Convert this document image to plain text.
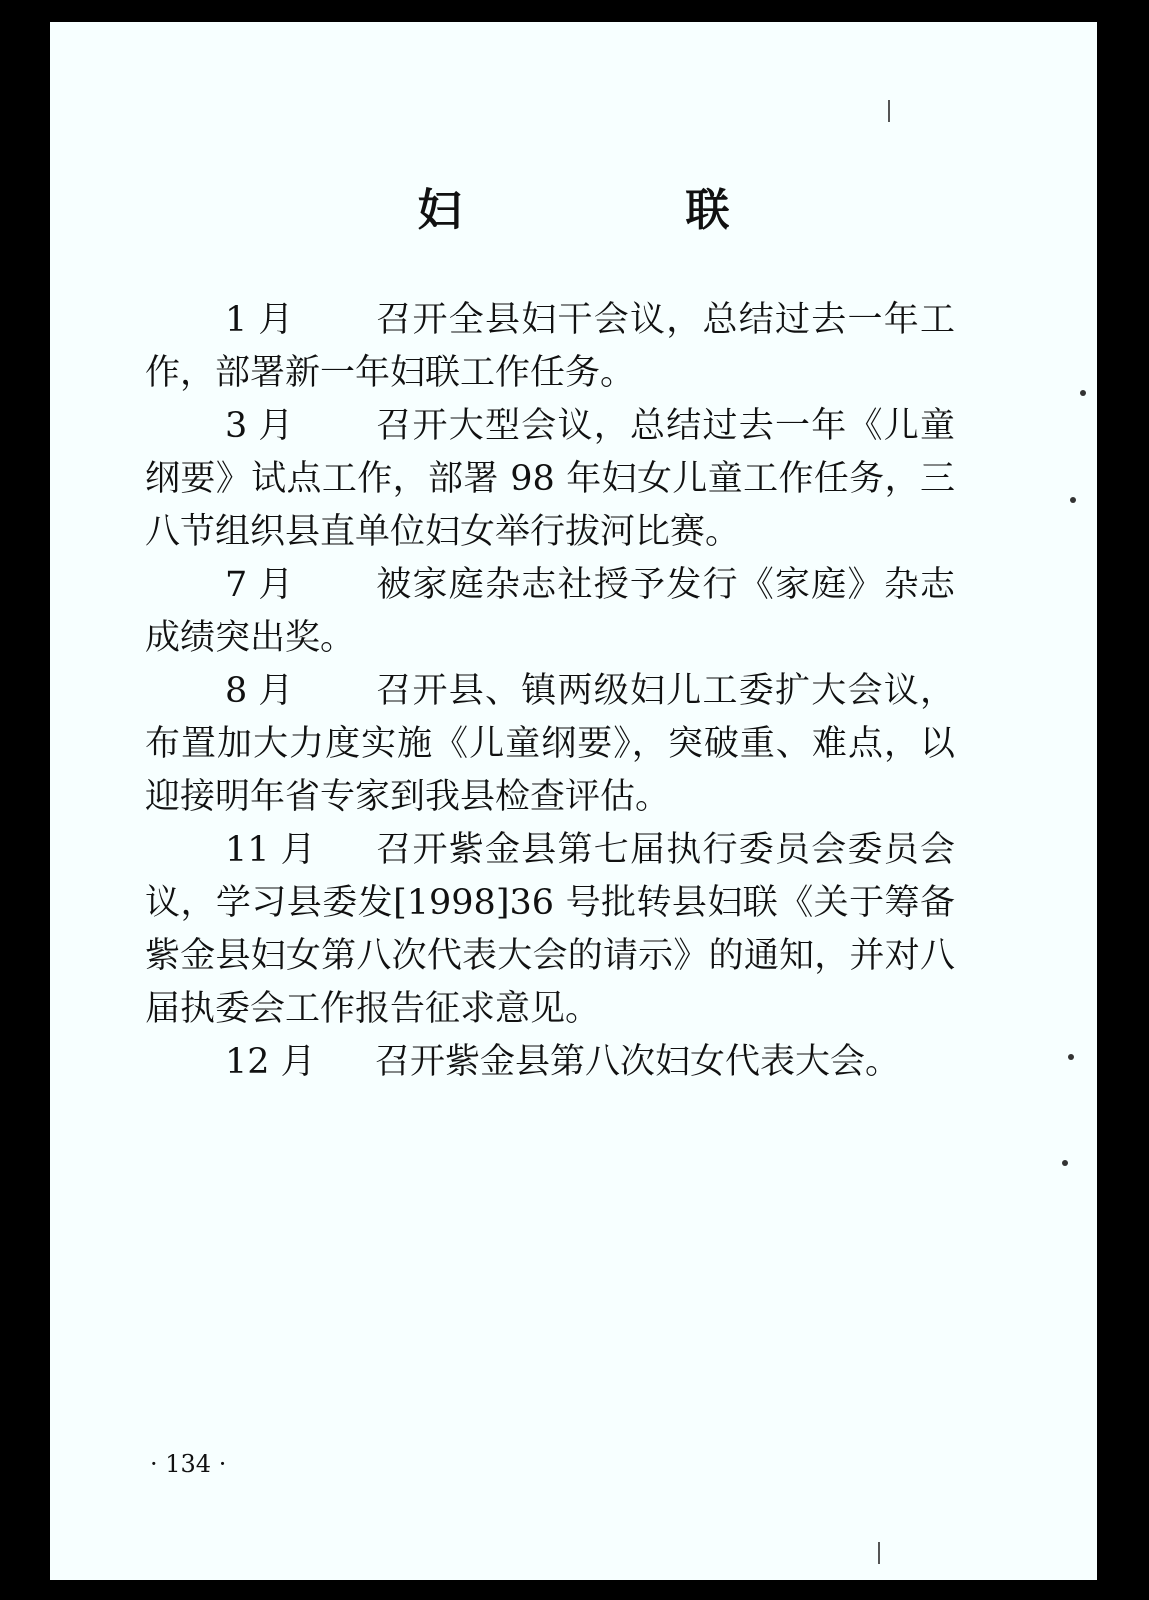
妇　联

1 月 召开全县妇干会议，总结过去一年工作，部署新一年妇联工作任务。

3 月 召开大型会议，总结过去一年《儿童纲要》试点工作，部署 98 年妇女儿童工作任务，三八节组织县直单位妇女举行拔河比赛。

7 月 被家庭杂志社授予发行《家庭》杂志成绩突出奖。

8 月 召开县、镇两级妇儿工委扩大会议，布置加大力度实施《儿童纲要》，突破重、难点，以迎接明年省专家到我县检查评估。

11 月 召开紫金县第七届执行委员会委员会议，学习县委发[1998]36 号批转县妇联《关于筹备紫金县妇女第八次代表大会的请示》的通知，并对八届执委会工作报告征求意见。

12 月 召开紫金县第八次妇女代表大会。

· 134 ·
